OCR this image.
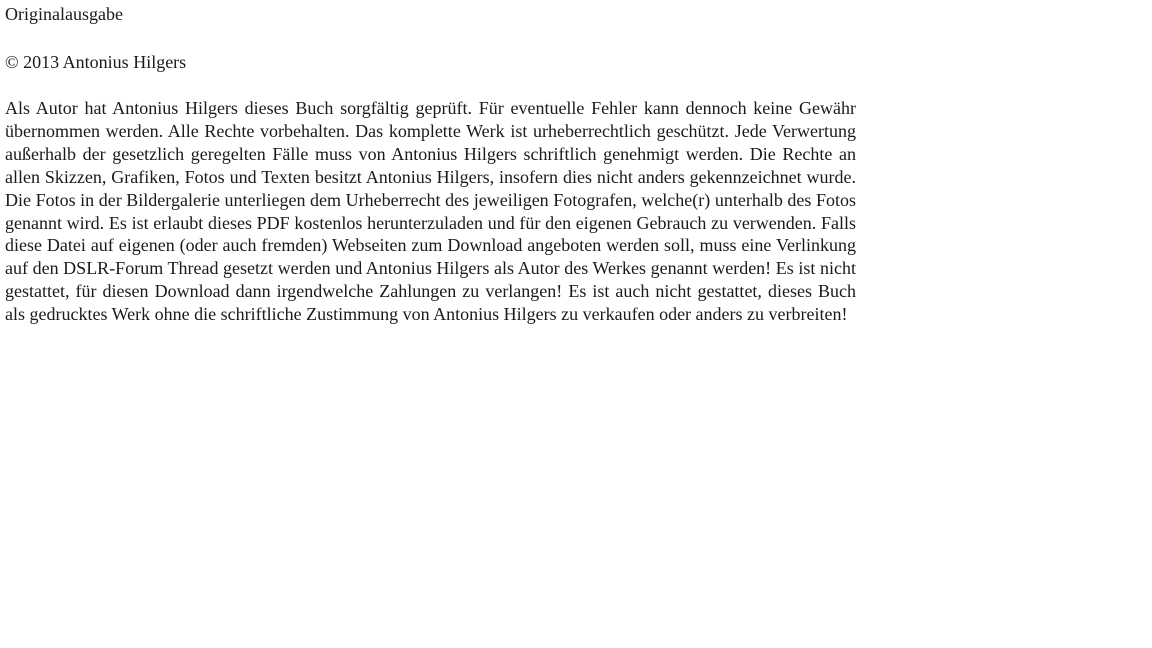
Originalausgabe

© 2013 Antonius Hilgers

Als Autor hat Antonius Hilgers dieses Buch sorgfältig geprüft. Für eventuelle Fehler kann dennoch keine Gewähr übernommen werden. Alle Rechte vorbehalten. Das komplette Werk ist urheberrechtlich geschützt. Jede Verwertung außerhalb der gesetzlich geregelten Fälle muss von Antonius Hilgers schriftlich genehmigt werden. Die Rechte an allen Skizzen, Grafiken, Fotos und Texten besitzt Antonius Hilgers, insofern dies nicht anders gekennzeichnet wurde. Die Fotos in der Bildergalerie unterliegen dem Urheberrecht des jeweiligen Fotografen, welche(r) unterhalb des Fotos genannt wird. Es ist erlaubt dieses PDF kostenlos herunterzuladen und für den eigenen Gebrauch zu verwenden. Falls diese Datei auf eigenen (oder auch fremden) Webseiten zum Download angeboten werden soll, muss eine Verlinkung auf den DSLR-Forum Thread gesetzt werden und Antonius Hilgers als Autor des Werkes genannt werden! Es ist nicht gestattet, für diesen Download dann irgendwelche Zahlungen zu verlangen! Es ist auch nicht gestattet, dieses Buch als gedrucktes Werk ohne die schriftliche Zustimmung von Antonius Hilgers zu verkaufen oder anders zu verbreiten!
